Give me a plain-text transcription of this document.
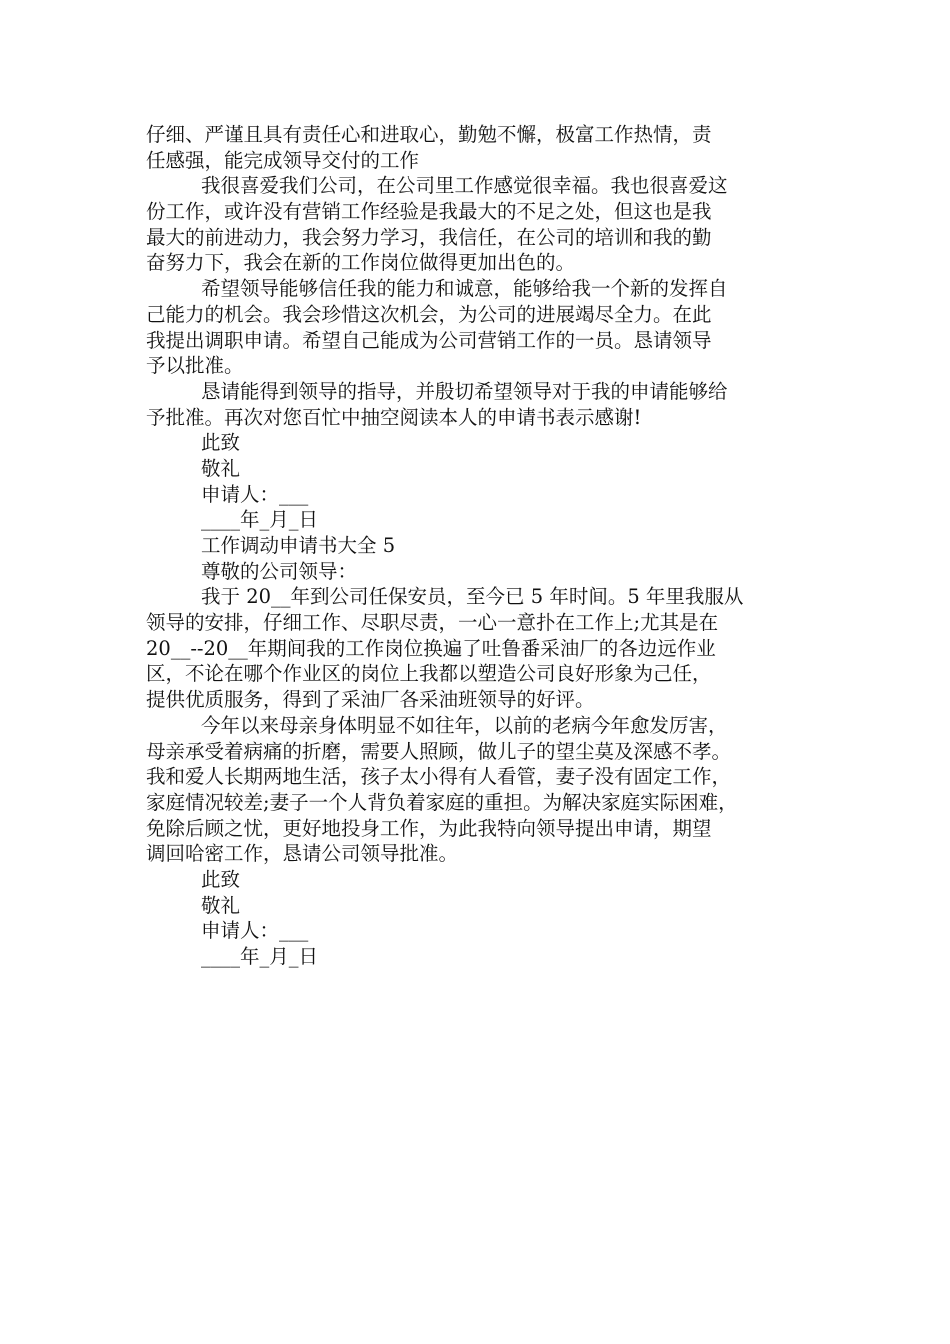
仔细、严谨且具有责任心和进取心，勤勉不懈，极富工作热情，责
任感强，能完成领导交付的工作
我很喜爱我们公司，在公司里工作感觉很幸福。我也很喜爱这
份工作，或许没有营销工作经验是我最大的不足之处，但这也是我
最大的前进动力，我会努力学习，我信任，在公司的培训和我的勤
奋努力下，我会在新的工作岗位做得更加出色的。
希望领导能够信任我的能力和诚意，能够给我一个新的发挥自
己能力的机会。我会珍惜这次机会，为公司的进展竭尽全力。在此
我提出调职申请。希望自己能成为公司营销工作的一员。恳请领导
予以批准。
恳请能得到领导的指导，并殷切希望领导对于我的申请能够给
予批准。再次对您百忙中抽空阅读本人的申请书表示感谢!
此致
敬礼
申请人：___
____年_月_日
工作调动申请书大全 5
尊敬的公司领导：
我于 20__年到公司任保安员，至今已 5 年时间。5 年里我服从
领导的安排，仔细工作、尽职尽责，一心一意扑在工作上;尤其是在
20__--20__年期间我的工作岗位换遍了吐鲁番采油厂的各边远作业
区，不论在哪个作业区的岗位上我都以塑造公司良好形象为己任，
提供优质服务，得到了采油厂各采油班领导的好评。
今年以来母亲身体明显不如往年，以前的老病今年愈发厉害，
母亲承受着病痛的折磨，需要人照顾，做儿子的望尘莫及深感不孝。
我和爱人长期两地生活，孩子太小得有人看管，妻子没有固定工作，
家庭情况较差;妻子一个人背负着家庭的重担。为解决家庭实际困难，
免除后顾之忧，更好地投身工作，为此我特向领导提出申请，期望
调回哈密工作，恳请公司领导批准。
此致
敬礼
申请人：___
____年_月_日
